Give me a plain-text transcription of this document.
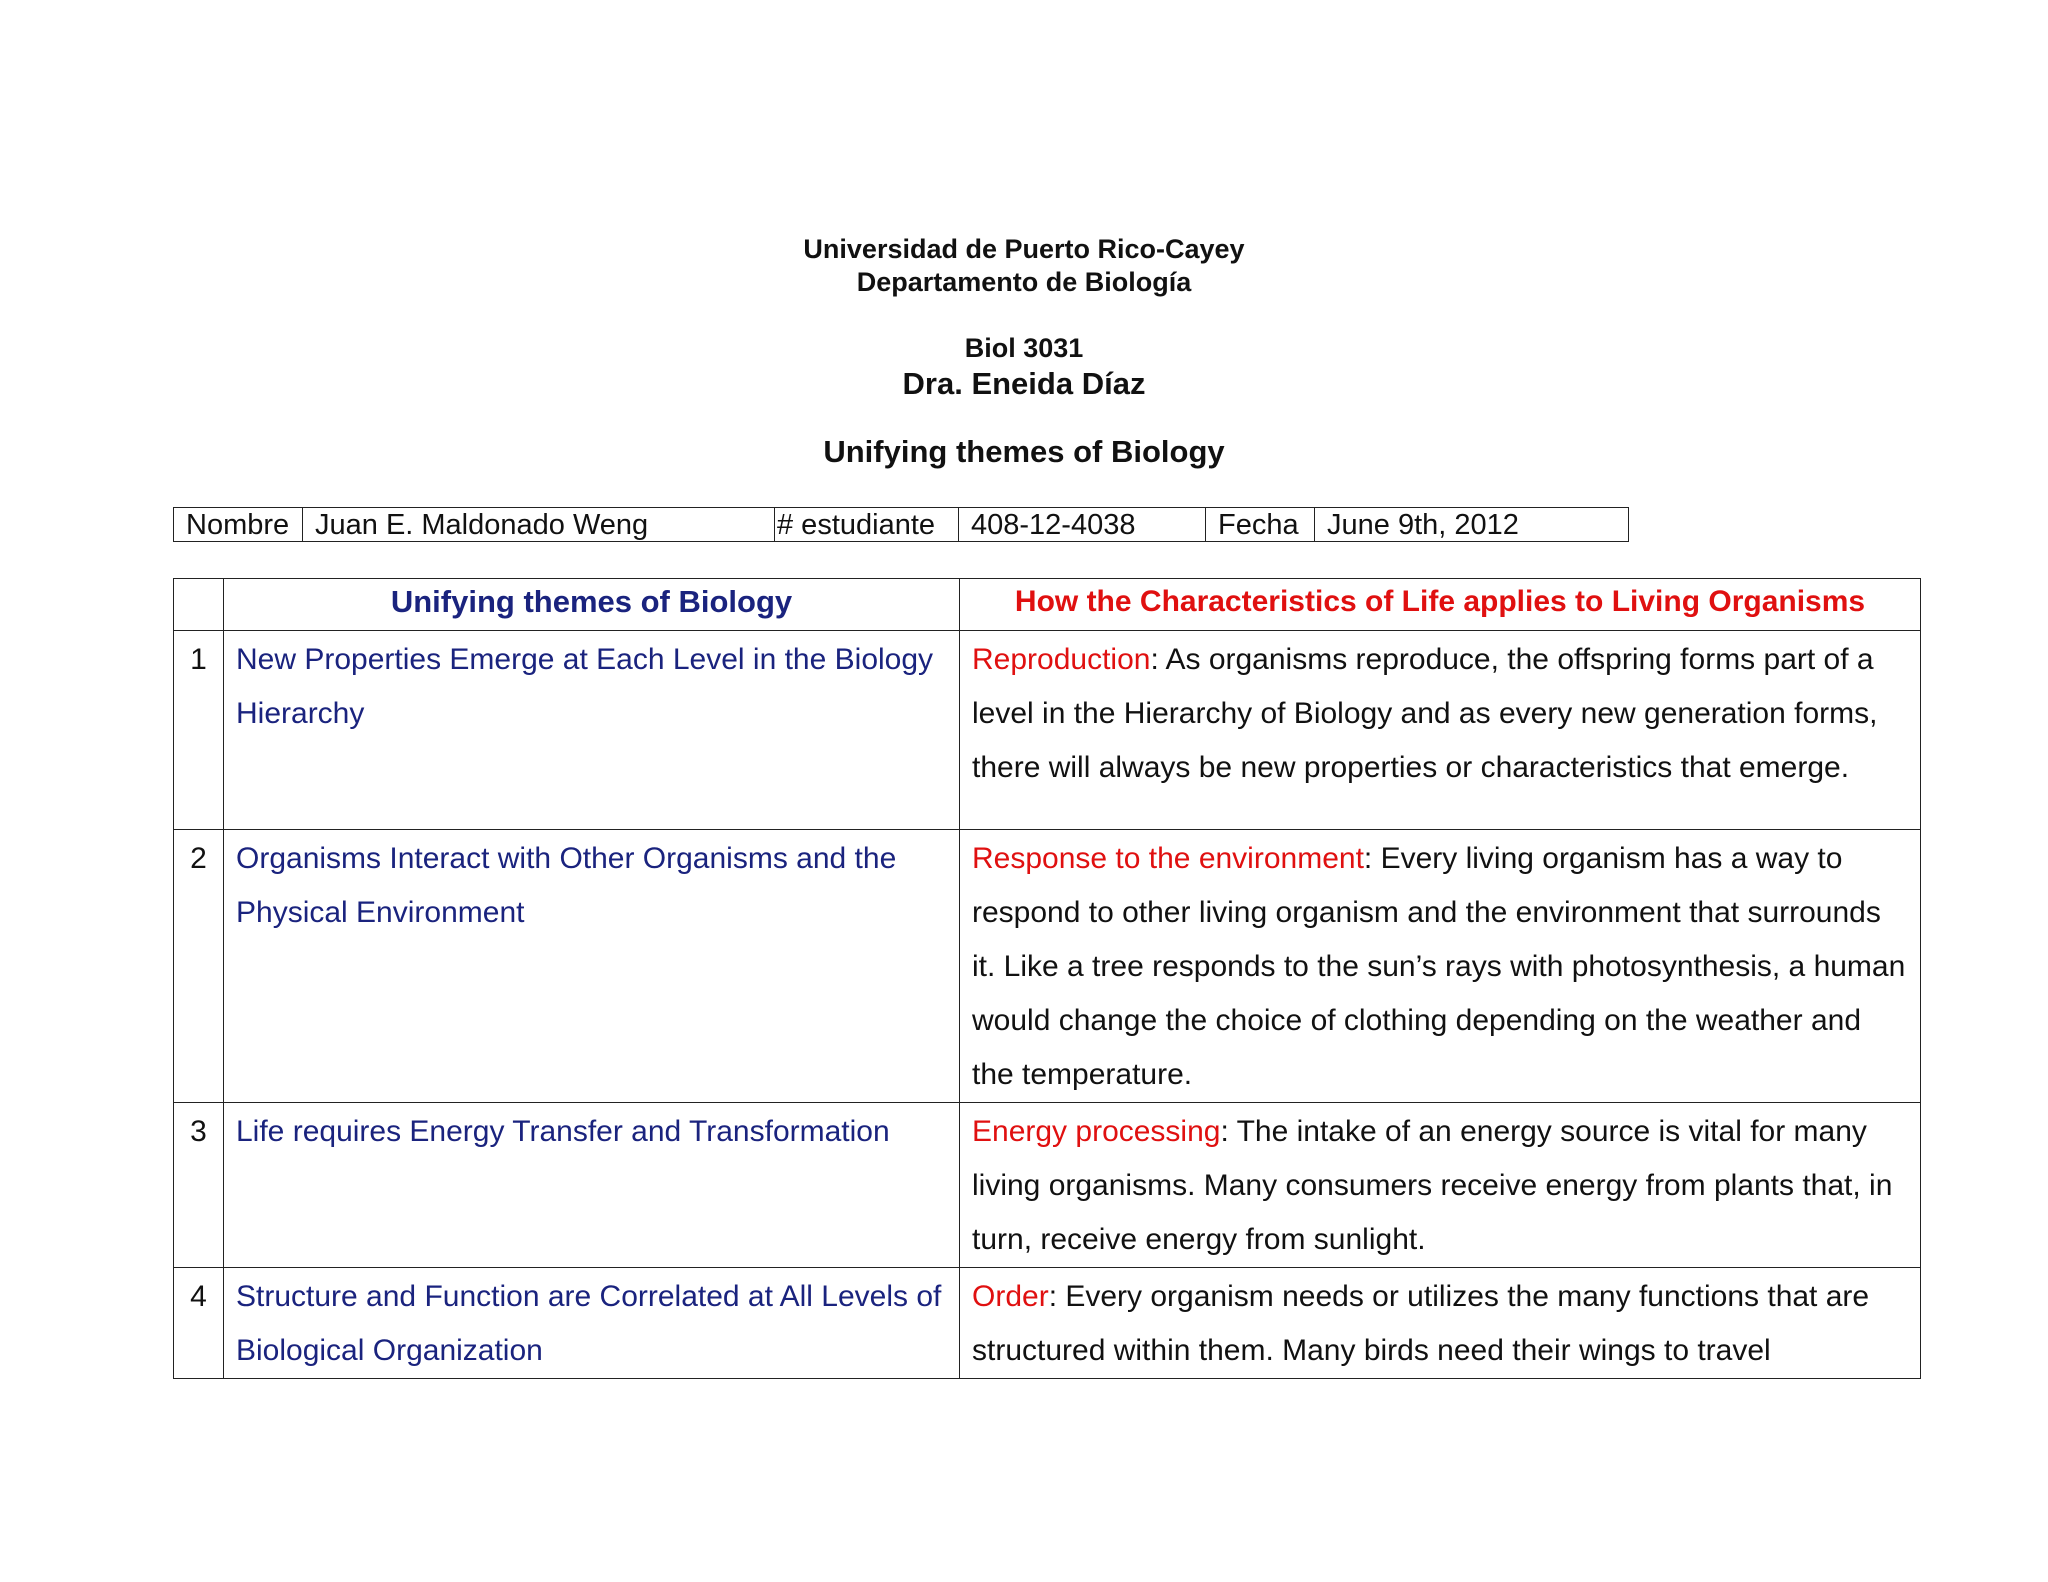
Universidad de Puerto Rico-Cayey
Departamento de Biología
Biol 3031
Dra. Eneida Díaz
Unifying themes of Biology
Nombre	Juan E. Maldonado Weng	# estudiante	408-12-4038	Fecha	June 9th, 2012
	Unifying themes of Biology	How the Characteristics of Life applies to Living Organisms
1	New Properties Emerge at Each Level in the Biology Hierarchy	Reproduction: As organisms reproduce, the offspring forms part of a level in the Hierarchy of Biology and as every new generation forms, there will always be new properties or characteristics that emerge.
2	Organisms Interact with Other Organisms and the Physical Environment	Response to the environment: Every living organism has a way to respond to other living organism and the environment that surrounds it. Like a tree responds to the sun’s rays with photosynthesis, a human would change the choice of clothing depending on the weather and the temperature.
3	Life requires Energy Transfer and Transformation	Energy processing: The intake of an energy source is vital for many living organisms. Many consumers receive energy from plants that, in turn, receive energy from sunlight.
4	Structure and Function are Correlated at All Levels of Biological Organization	Order: Every organism needs or utilizes the many functions that are structured within them. Many birds need their wings to travel
